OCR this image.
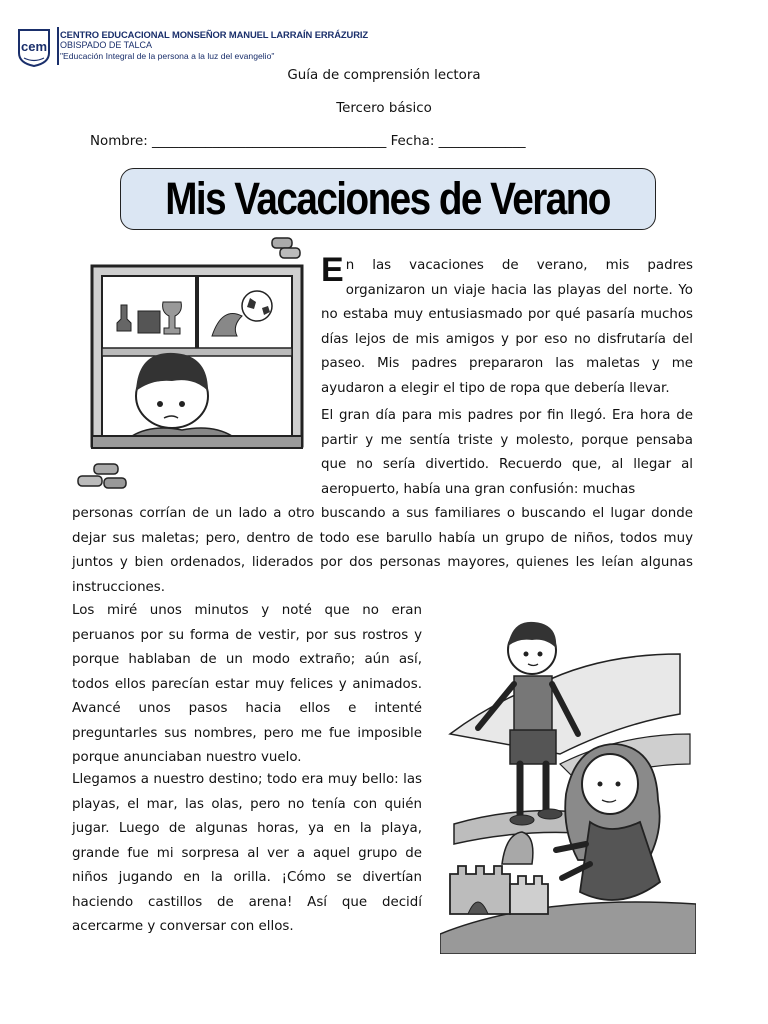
cem
CENTRO EDUCACIONAL MONSEÑOR MANUEL LARRAÍN ERRÁZURIZ
OBISPADO DE TALCA
"Educación Integral de la persona a la luz del evangelio"
Guía de comprensión lectora
Tercero básico
Nombre: ___________________________________ Fecha: _____________
Mis Vacaciones de Verano
En las vacaciones de verano, mis padres organizaron un viaje hacia las playas del norte. Yo no estaba muy entusiasmado por qué pasaría muchos días lejos de mis amigos y por eso no disfrutaría del paseo. Mis padres prepararon las maletas y me ayudaron a elegir el tipo de ropa que debería llevar.
El gran día para mis padres por fin llegó. Era hora de partir y me sentía triste y molesto, porque pensaba que no sería divertido. Recuerdo que, al llegar al aeropuerto, había una gran confusión: muchas
personas corrían de un lado a otro buscando a sus familiares o buscando el lugar donde dejar sus maletas; pero, dentro de todo ese barullo había un grupo de niños, todos muy juntos y bien ordenados, liderados por dos personas mayores, quienes les leían algunas instrucciones.
Los miré unos minutos y noté que no eran peruanos por su forma de vestir, por sus rostros y porque hablaban de un modo extraño; aún así, todos ellos parecían estar muy felices y animados. Avancé unos pasos hacia ellos e intenté preguntarles sus nombres, pero me fue imposible porque anunciaban nuestro vuelo.
Llegamos a nuestro destino; todo era muy bello: las playas, el mar, las olas, pero no tenía con quién jugar. Luego de algunas horas, ya en la playa, grande fue mi sorpresa al ver a aquel grupo de niños jugando en la orilla. ¡Cómo se divertían haciendo castillos de arena! Así que decidí acercarme y conversar con ellos.
